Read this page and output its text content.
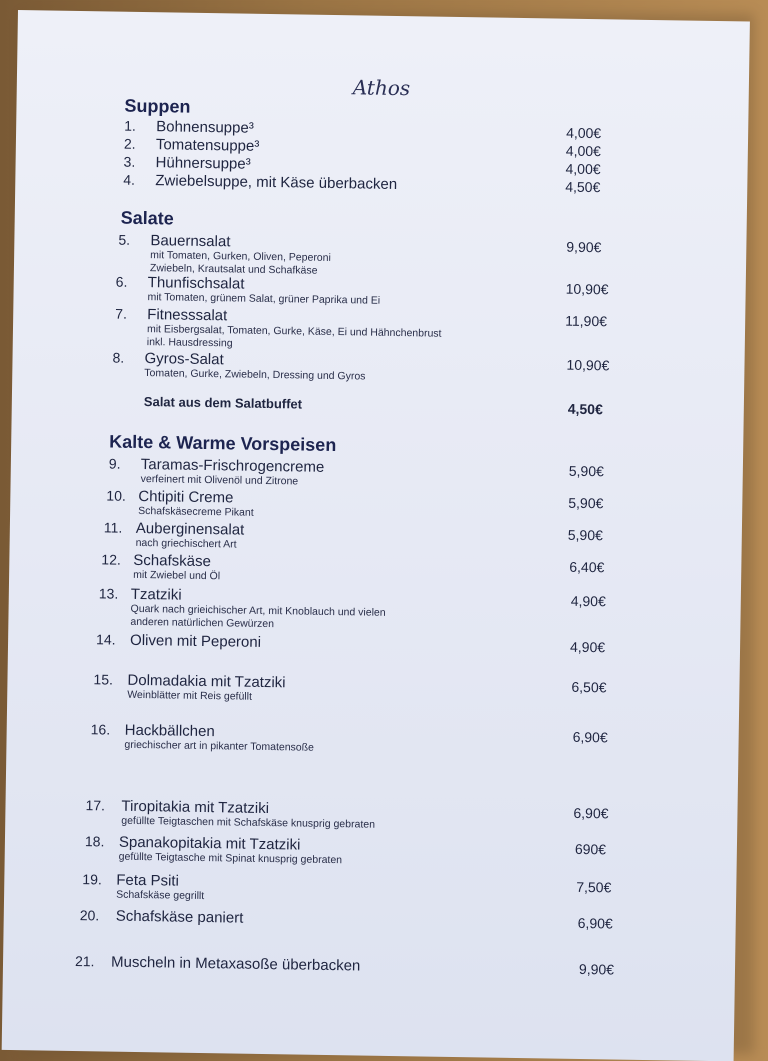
Athos
Suppen
Salate
Kalte & Warme Vorspeisen
1. Bohnensuppe³	4,00€
2. Tomatensuppe³	4,00€
3. Hühnersuppe³	4,00€
4. Zwiebelsuppe, mit Käse überbacken	4,50€
5. Bauernsalat
mit Tomaten, Gurken, Oliven, Peperoni
Zwiebeln, Krautsalat und Schafkäse
9,90€
6. Thunfischsalat
mit Tomaten, grünem Salat, grüner Paprika und Ei
10,90€
7. Fitnesssalat
mit Eisbergsalat, Tomaten, Gurke, Käse, Ei und Hähnchenbrust
inkl. Hausdressing
11,90€
8. Gyros-Salat
Tomaten, Gurke, Zwiebeln, Dressing und Gyros
10,90€
Salat aus dem Salatbuffet	4,50€
9. Taramas-Frischrogencreme
verfeinert mit Olivenöl und Zitrone
5,90€
10. Chtipiti Creme
Schafskäsecreme Pikant
5,90€
11. Auberginensalat
nach griechischert Art
5,90€
12. Schafskäse
mit Zwiebel und Öl
6,40€
13. Tzatziki
Quark nach grieichischer Art, mit Knoblauch und vielen
anderen natürlichen Gewürzen
4,90€
14. Oliven mit Peperoni	4,90€
15. Dolmadakia mit Tzatziki
Weinblätter mit Reis gefüllt
6,50€
16. Hackbällchen
griechischer art in pikanter Tomatensoße
6,90€
17. Tiropitakia mit Tzatziki
gefüllte Teigtaschen mit Schafskäse knusprig gebraten
6,90€
18. Spanakopitakia mit Tzatziki
gefüllte Teigtasche mit Spinat knusprig gebraten
690€
19. Feta Psiti
Schafskäse gegrillt	7,50€
20. Schafskäse paniert	6,90€
21. Muscheln in Metaxasoße überbacken	9,90€
